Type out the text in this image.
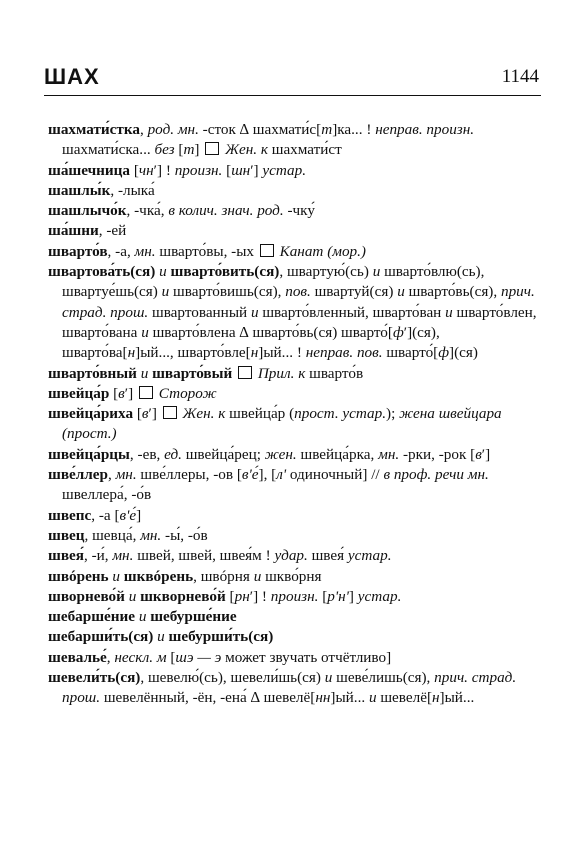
ШАХ	1144
шахмати́стка, род. мн. -сток ∆ шахмати́с[т]ка... ! неправ. произн. шахмати́ска... без [т]  Жен. к шахмати́ст
ша́шечница [чнʹ] ! произн. [шнʹ] устар.
шашлы́к, -лыка́
шашлычо́к, -чка́, в колич. знач. род. -чку́
ша́шни, -ей
шварто́в, -а, мн. шварто́вы, -ых  Канат (мор.)
швартова́ть(ся) и шварто́вить(ся), швартую́(сь) и шварто́влю(сь), швартуе́шь(ся) и шварто́вишь(ся), пов. швартуй(ся) и шварто́вь(ся), прич. страд. прош. швартованный и шварто́вленный, шварто́ван и шварто́влен, шварто́вана и шварто́влена ∆ шварто́вь(ся) шварто́[фʹ](ся), шварто́ва[н]ый..., шварто́вле[н]ый... ! неправ. пов. шварто́[ф](ся)
шварто́вный и шварто́вый Прил. к шварто́в
швейца́р [вʹ]  Сторож
швейца́риха [вʹ]  Жен. к швейца́р (прост. устар.); жена швейцара (прост.)
швейца́рцы, -ев, ед. швейца́рец; жен. швейца́рка, мн. -рки, -рок [вʹ]
шве́ллер, мн. шве́ллеры, -ов [вʹе́], [лʹ одиночный] // в проф. речи мн. швеллера́, -о́в
швепс, -а [вʹе́]
швец, шевца́, мн. -ы́, -о́в
швея́, -и́, мн. швей, швей, швея́м ! удар. швея́ устар.
швóрень и шквóрень, швóрня и шкво́рня
шворнево́й и шкворнево́й [рнʹ] ! произн. [рʹнʹ] устар.
шебарше́ние и шебурше́ние
шебарши́ть(ся) и шебурши́ть(ся)
шевалье́, нескл. м [шэ — э может звучать отчётливо]
шевели́ть(ся), шевелю́(сь), шевели́шь(ся) и шеве́лишь(ся), прич. страд. прош. шевелённый, -ён, -ена́ ∆ шевелё[нн]ый... и шевелё[н]ый...
